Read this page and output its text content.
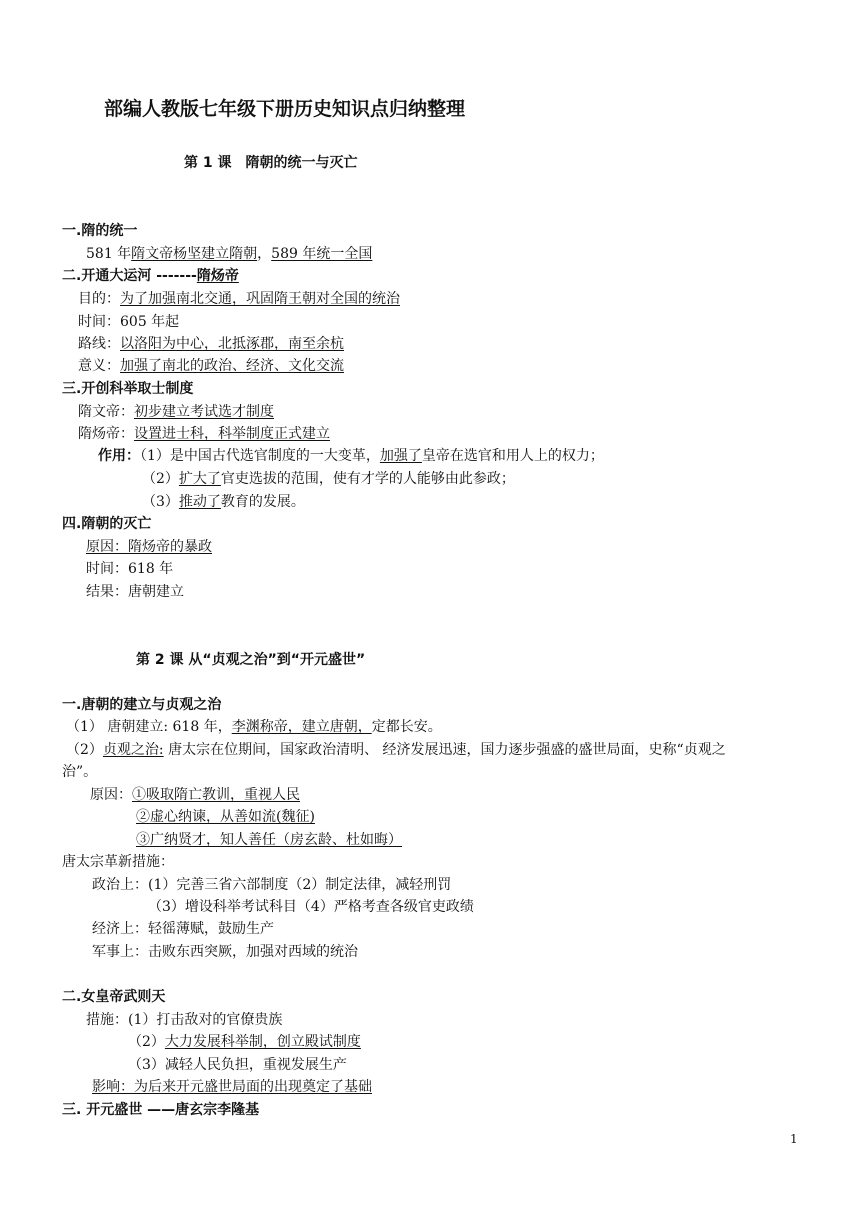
部编人教版七年级下册历史知识点归纳整理
第 1 课　隋朝的统一与灭亡
一.隋的统一
581 年隋文帝杨坚建立隋朝，589 年统一全国
二.开通大运河 -------隋炀帝
目的：为了加强南北交通，巩固隋王朝对全国的统治
时间：605 年起
路线：以洛阳为中心，北抵涿郡，南至余杭
意义：加强了南北的政治、经济、文化交流
三.开创科举取士制度
隋文帝：初步建立考试选才制度
隋炀帝：设置进士科，科举制度正式建立
作用：（1）是中国古代选官制度的一大变革，加强了皇帝在选官和用人上的权力；
（2）扩大了官吏选拔的范围，使有才学的人能够由此参政；
（3）推动了教育的发展。
四.隋朝的灭亡
原因：隋炀帝的暴政
时间：618 年
结果：唐朝建立
第 2 课 从“贞观之治”到“开元盛世”
一.唐朝的建立与贞观之治
（1） 唐朝建立: 618 年，李渊称帝，建立唐朝，定都长安。
（2）贞观之治: 唐太宗在位期间，国家政治清明、 经济发展迅速，国力逐步强盛的盛世局面，史称“贞观之
治”。
原因：①吸取隋亡教训，重视人民
②虚心纳谏，从善如流(魏征)
③广纳贤才，知人善任（房玄龄、杜如晦）
唐太宗革新措施：
政治上：(1）完善三省六部制度（2）制定法律，减轻刑罚
（3）增设科举考试科目（4）严格考查各级官吏政绩
经济上：轻徭薄赋，鼓励生产
军事上：击败东西突厥，加强对西域的统治
二.女皇帝武则天
措施：(1）打击敌对的官僚贵族
（2）大力发展科举制，创立殿试制度
（3）减轻人民负担，重视发展生产
影响：为后来开元盛世局面的出现奠定了基础
三. 开元盛世 ——唐玄宗李隆基
1
